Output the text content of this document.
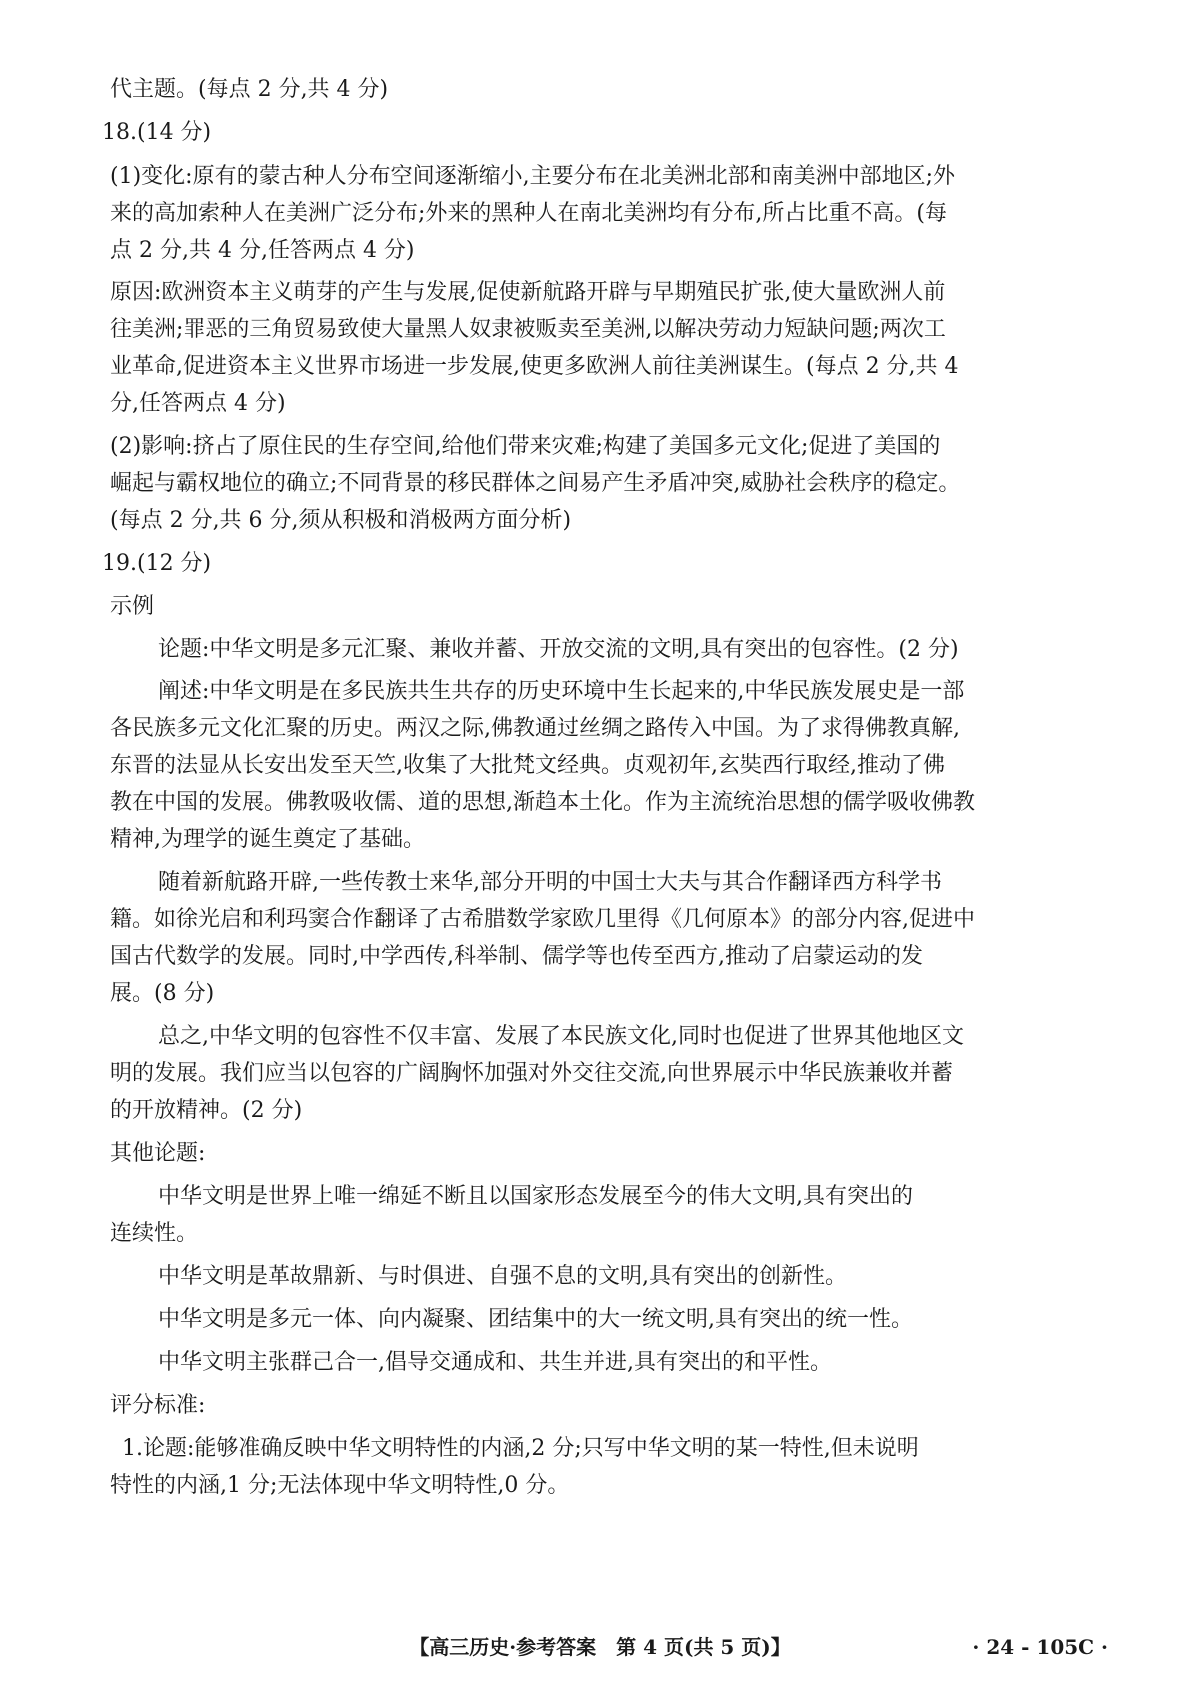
代主题。(每点 2 分,共 4 分)
18.(14 分)
(1)变化:原有的蒙古种人分布空间逐渐缩小,主要分布在北美洲北部和南美洲中部地区;外
来的高加索种人在美洲广泛分布;外来的黑种人在南北美洲均有分布,所占比重不高。(每
点 2 分,共 4 分,任答两点 4 分)
原因:欧洲资本主义萌芽的产生与发展,促使新航路开辟与早期殖民扩张,使大量欧洲人前
往美洲;罪恶的三角贸易致使大量黑人奴隶被贩卖至美洲,以解决劳动力短缺问题;两次工
业革命,促进资本主义世界市场进一步发展,使更多欧洲人前往美洲谋生。(每点 2 分,共 4
分,任答两点 4 分)
(2)影响:挤占了原住民的生存空间,给他们带来灾难;构建了美国多元文化;促进了美国的
崛起与霸权地位的确立;不同背景的移民群体之间易产生矛盾冲突,威胁社会秩序的稳定。
(每点 2 分,共 6 分,须从积极和消极两方面分析)
19.(12 分)
示例
论题:中华文明是多元汇聚、兼收并蓄、开放交流的文明,具有突出的包容性。(2 分)
阐述:中华文明是在多民族共生共存的历史环境中生长起来的,中华民族发展史是一部
各民族多元文化汇聚的历史。两汉之际,佛教通过丝绸之路传入中国。为了求得佛教真解,
东晋的法显从长安出发至天竺,收集了大批梵文经典。贞观初年,玄奘西行取经,推动了佛
教在中国的发展。佛教吸收儒、道的思想,渐趋本土化。作为主流统治思想的儒学吸收佛教
精神,为理学的诞生奠定了基础。
随着新航路开辟,一些传教士来华,部分开明的中国士大夫与其合作翻译西方科学书
籍。如徐光启和利玛窦合作翻译了古希腊数学家欧几里得《几何原本》的部分内容,促进中
国古代数学的发展。同时,中学西传,科举制、儒学等也传至西方,推动了启蒙运动的发
展。(8 分)
总之,中华文明的包容性不仅丰富、发展了本民族文化,同时也促进了世界其他地区文
明的发展。我们应当以包容的广阔胸怀加强对外交往交流,向世界展示中华民族兼收并蓄
的开放精神。(2 分)
其他论题:
中华文明是世界上唯一绵延不断且以国家形态发展至今的伟大文明,具有突出的
连续性。
中华文明是革故鼎新、与时俱进、自强不息的文明,具有突出的创新性。
中华文明是多元一体、向内凝聚、团结集中的大一统文明,具有突出的统一性。
中华文明主张群己合一,倡导交通成和、共生并进,具有突出的和平性。
评分标准:
1.论题:能够准确反映中华文明特性的内涵,2 分;只写中华文明的某一特性,但未说明
特性的内涵,1 分;无法体现中华文明特性,0 分。
【高三历史·参考答案　第 4 页(共 5 页)】	· 24 - 105C ·
